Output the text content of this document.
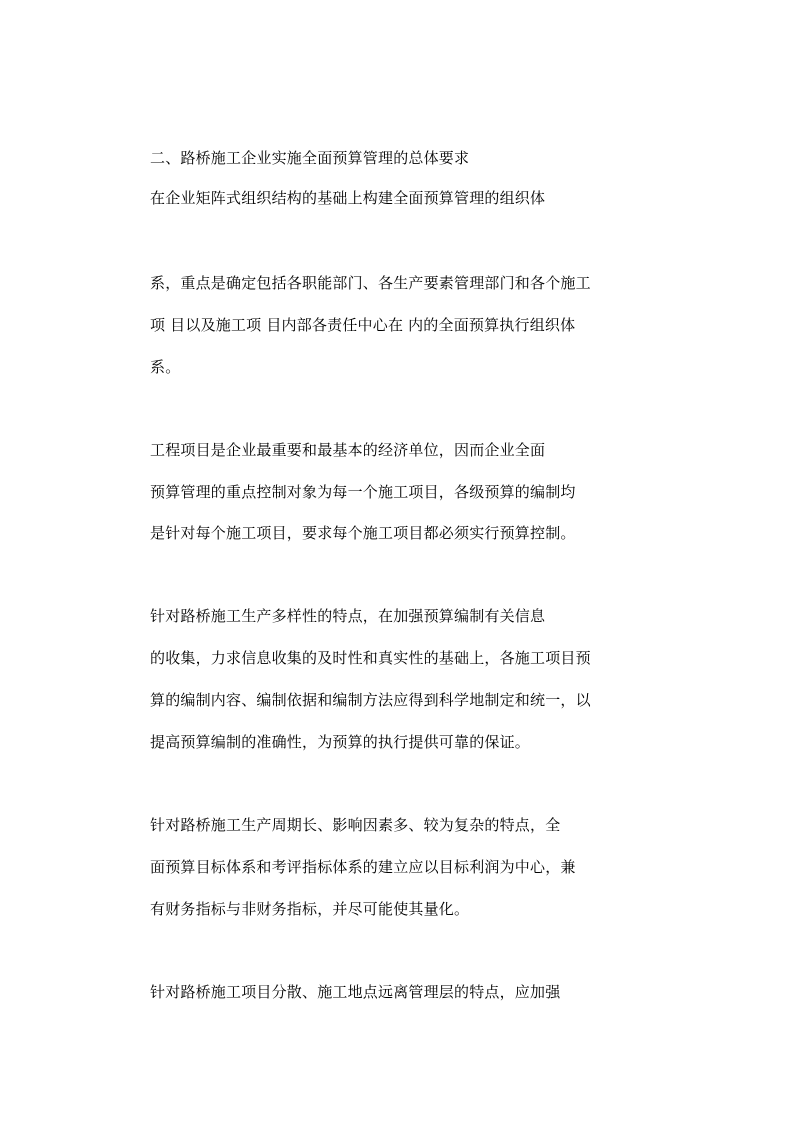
二、路桥施工企业实施全面预算管理的总体要求
在企业矩阵式组织结构的基础上构建全面预算管理的组织体
系，重点是确定包括各职能部门、各生产要素管理部门和各个施工
项 目以及施工项 目内部各责任中心在 内的全面预算执行组织体
系。
工程项目是企业最重要和最基本的经济单位，因而企业全面
预算管理的重点控制对象为每一个施工项目，各级预算的编制均
是针对每个施工项目，要求每个施工项目都必须实行预算控制。
针对路桥施工生产多样性的特点，在加强预算编制有关信息
的收集，力求信息收集的及时性和真实性的基础上，各施工项目预
算的编制内容、编制依据和编制方法应得到科学地制定和统一，以
提高预算编制的准确性，为预算的执行提供可靠的保证。
针对路桥施工生产周期长、影响因素多、较为复杂的特点，全
面预算目标体系和考评指标体系的建立应以目标利润为中心，兼
有财务指标与非财务指标，并尽可能使其量化。
针对路桥施工项目分散、施工地点远离管理层的特点，应加强
